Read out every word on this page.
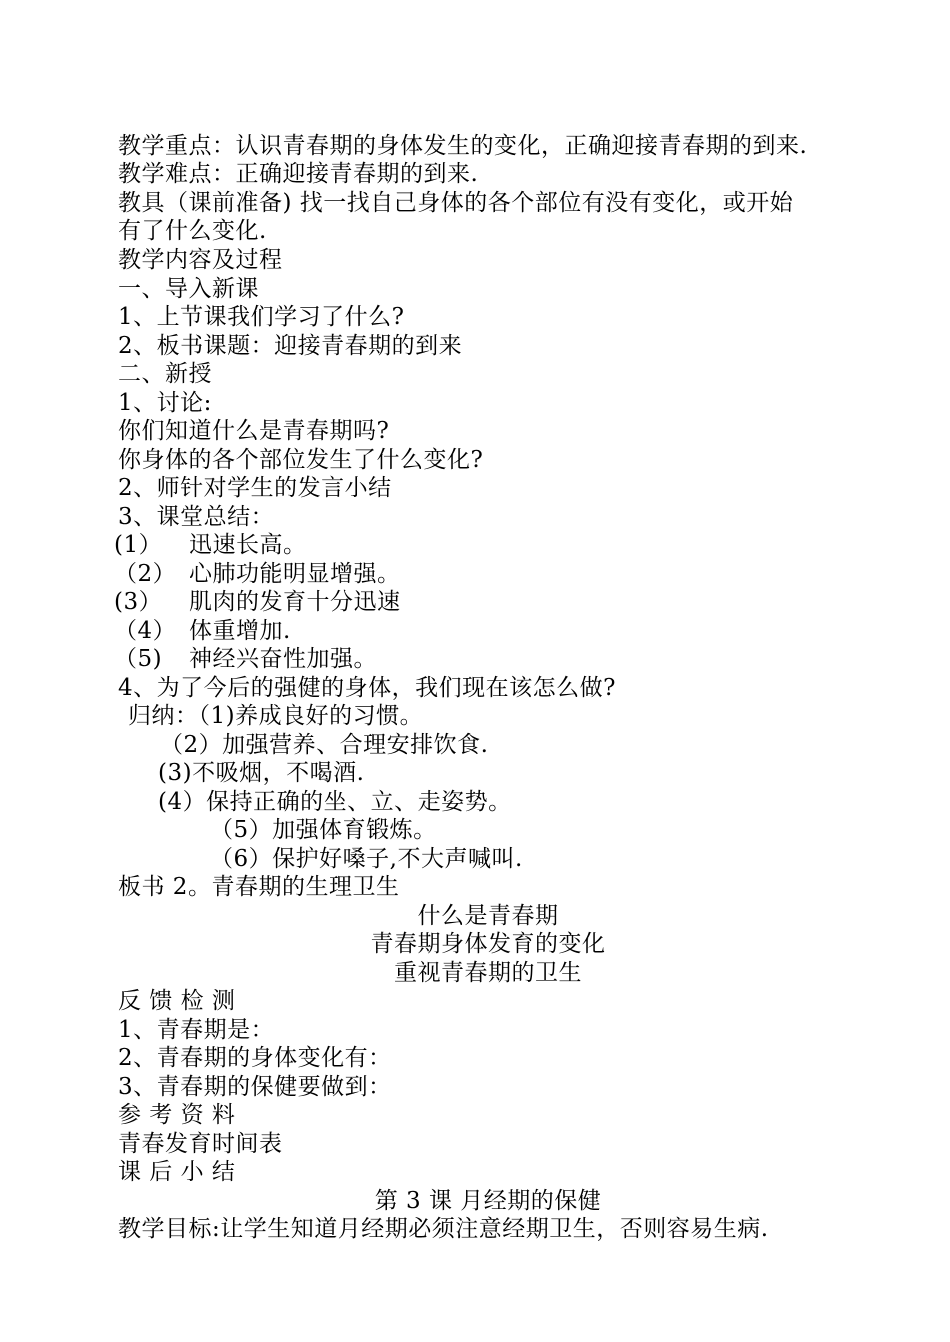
教学重点：认识青春期的身体发生的变化，正确迎接青春期的到来.
教学难点：正确迎接青春期的到来.
教具（课前准备) 找一找自己身体的各个部位有没有变化，或开始
有了什么变化.
教学内容及过程
一、导入新课
1、上节课我们学习了什么?
2、板书课题：迎接青春期的到来
二、新授
1、讨论:
你们知道什么是青春期吗?
你身体的各个部位发生了什么变化?
2、师针对学生的发言小结
3、课堂总结：
(1） 迅速长高。
（2） 心肺功能明显增强。
(3） 肌肉的发育十分迅速
（4） 体重增加.
（5) 神经兴奋性加强。
4、为了今后的强健的身体，我们现在该怎么做?
归纳：（1)养成良好的习惯。
（2）加强营养、合理安排饮食.
(3)不吸烟，不喝酒.
(4）保持正确的坐、立、走姿势。
（5）加强体育锻炼。
（6）保护好嗓子,不大声喊叫.
板书 2。青春期的生理卫生
什么是青春期
青春期身体发育的变化
重视青春期的卫生
反 馈 检 测
1、青春期是：
2、青春期的身体变化有：
3、青春期的保健要做到：
参 考 资 料
青春发育时间表
课 后 小 结
第 3 课 月经期的保健
教学目标:让学生知道月经期必须注意经期卫生，否则容易生病.
